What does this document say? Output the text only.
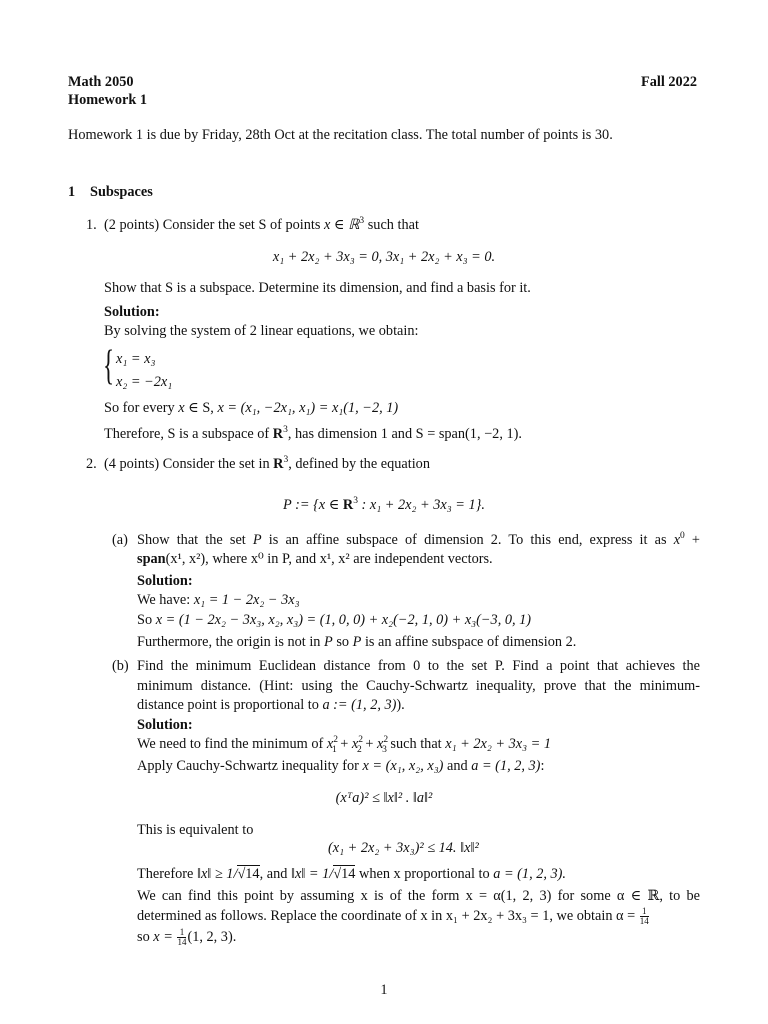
Math 2050
Homework 1
Fall 2022
Homework 1 is due by Friday, 28th Oct at the recitation class. The total number of points is 30.
1 Subspaces
1. (2 points) Consider the set S of points x ∈ ℝ$^3$ such that
x₁ + 2x₂ + 3x₃ = 0, 3x₁ + 2x₂ + x₃ = 0.
Show that S is a subspace. Determine its dimension, and find a basis for it.
Solution:
By solving the system of 2 linear equations, we obtain:
{ x₁ = x₃
x₂ = −2x₁
So for every x ∈ S, x = (x₁, −2x₁, x₁) = x₁(1, −2, 1)
Therefore, S is a subspace of $R^3$, has dimension 1 and S = span(1, −2, 1).
2. (4 points) Consider the set in $R^3$, defined by the equation
P := {x ∈ $R^3$ : x₁ + 2x₂ + 3x₃ = 1}.
(a) Show that the set P is an affine subspace of dimension 2. To this end, express it as $x^0$ +
span(x¹, x²), where x⁰ in P, and x¹, x² are independent vectors.
Solution:
We have: x₁ = 1 − 2x₂ − 3x₃
So x = (1 − 2x₂ − 3x₃, x₂, x₃) = (1, 0, 0) + x₂(−2, 1, 0) + x₃(−3, 0, 1)
Furthermore, the origin is not in P so P is an affine subspace of dimension 2.
(b) Find the minimum Euclidean distance from 0 to the set P. Find a point that achieves the
minimum distance. (Hint: using the Cauchy-Schwartz inequality, prove that the minimum-
distance point is proportional to a := (1, 2, 3)).
Solution:
We need to find the minimum of $x^2_1 + x^2_2 + x^2_3$ such that x₁ + 2x₂ + 3x₃ = 1
Apply Cauchy-Schwartz inequality for x = (x₁, x₂, x₃) and a = (1, 2, 3):
(xᵀa)² ≤ ‖x‖² . ‖a‖²
This is equivalent to
(x₁ + 2x₂ + 3x₃)² ≤ 14. ‖x‖²
Therefore ‖x‖ ≥ 1/√14, and ‖x‖ = 1/√14 when x proportional to a = (1, 2, 3).
We can find this point by assuming x is of the form x = α(1, 2, 3) for some α ∈ ℝ, to be
determined as follows. Replace the coordinate of x in x₁ + 2x₂ + 3x₃ = 1, we obtain $\alpha = \frac{1}{14}$
so $x = \frac{1}{14} (1$, 2, 3).
1
